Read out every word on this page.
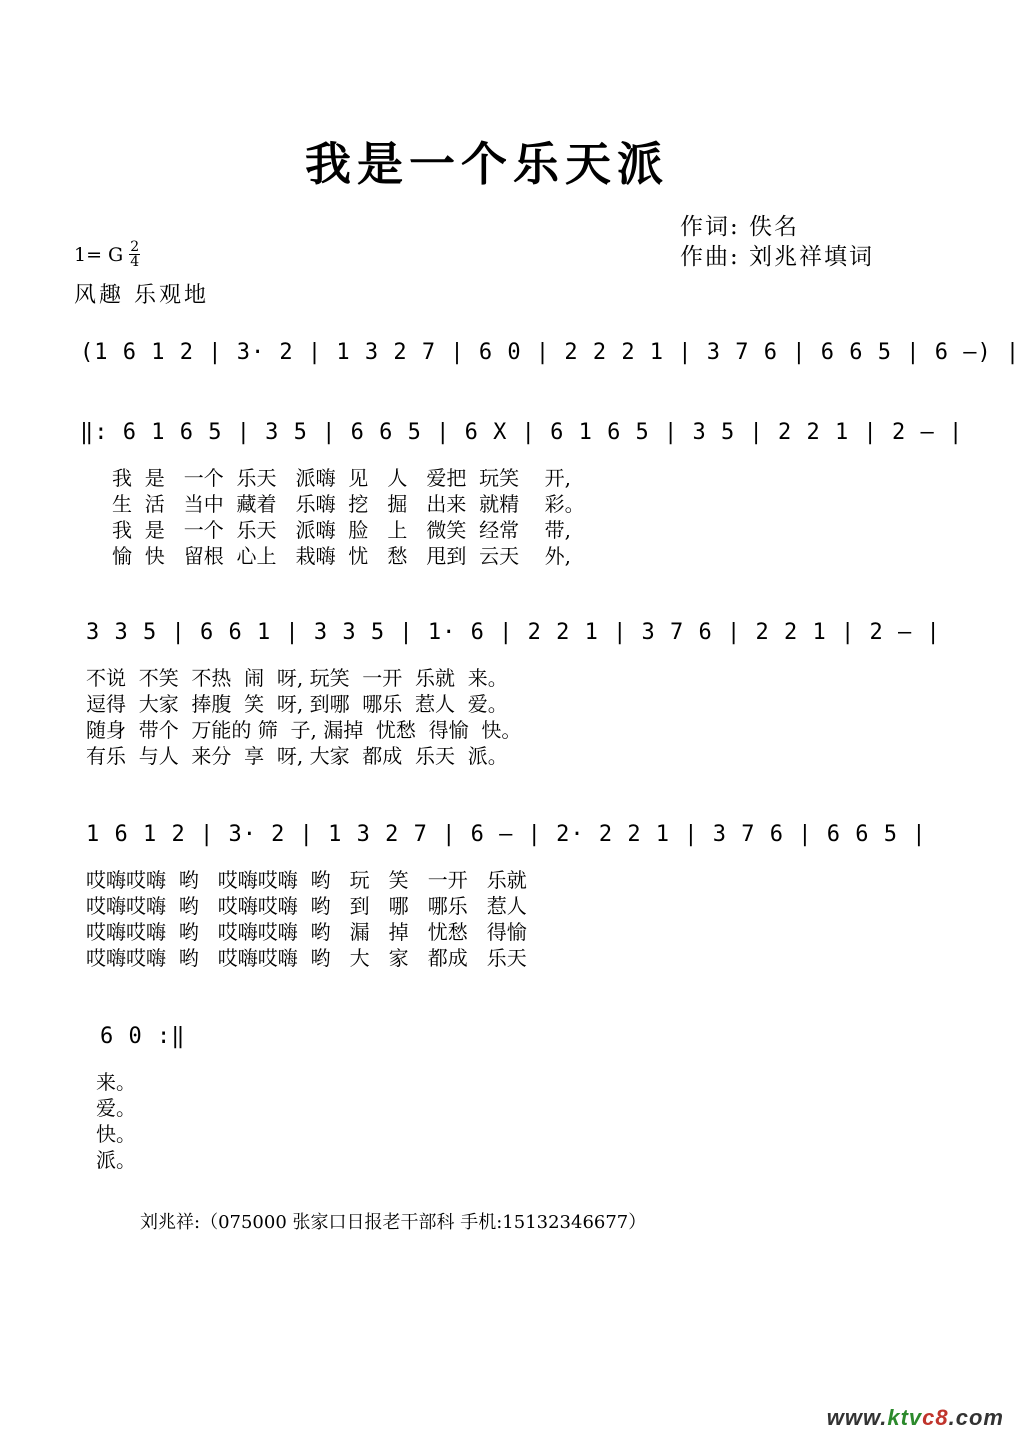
我是一个乐天派
作词: 佚名
作曲: 刘兆祥填词
1= G $\frac{2}{4}$
风趣 乐观地
(1 6 1 2 | 3· 2 | 1 3 2 7 | 6 0 | 2 2 2 1 | 3 7 6 | 6 6 5 | 6 —) |
‖: 6 1 6 5 | 3 5 | 6 6 5 | 6 X | 6 1 6 5 | 3 5 | 2 2 1 | 2 — |
我  是   一个  乐天   派嗨  见   人   爱把  玩笑    开,
生  活   当中  藏着   乐嗨  挖   掘   出来  就精    彩。
我  是   一个  乐天   派嗨  脸   上   微笑  经常    带,
愉  快   留根  心上   栽嗨  忧   愁   甩到  云天    外,
3 3 5 | 6 6 1 | 3 3 5 | 1· 6 | 2 2 1 | 3 7 6 | 2 2 1 | 2 — |
不说  不笑  不热  闹  呀, 玩笑  一开  乐就  来。
逗得  大家  捧腹  笑  呀, 到哪  哪乐  惹人  爱。
随身  带个  万能的 筛  子, 漏掉  忧愁  得愉  快。
有乐  与人  来分  享  呀, 大家  都成  乐天  派。
1 6 1 2 | 3· 2 | 1 3 2 7 | 6 — | 2· 2 2 1 | 3 7 6 | 6 6 5 |
哎嗨哎嗨  哟   哎嗨哎嗨  哟   玩   笑   一开   乐就
哎嗨哎嗨  哟   哎嗨哎嗨  哟   到   哪   哪乐   惹人
哎嗨哎嗨  哟   哎嗨哎嗨  哟   漏   掉   忧愁   得愉
哎嗨哎嗨  哟   哎嗨哎嗨  哟   大   家   都成   乐天
6 0 :‖
来。
爱。
快。
派。
刘兆祥:（075000 张家口日报老干部科 手机:15132346677）
www.ktvc8.com
